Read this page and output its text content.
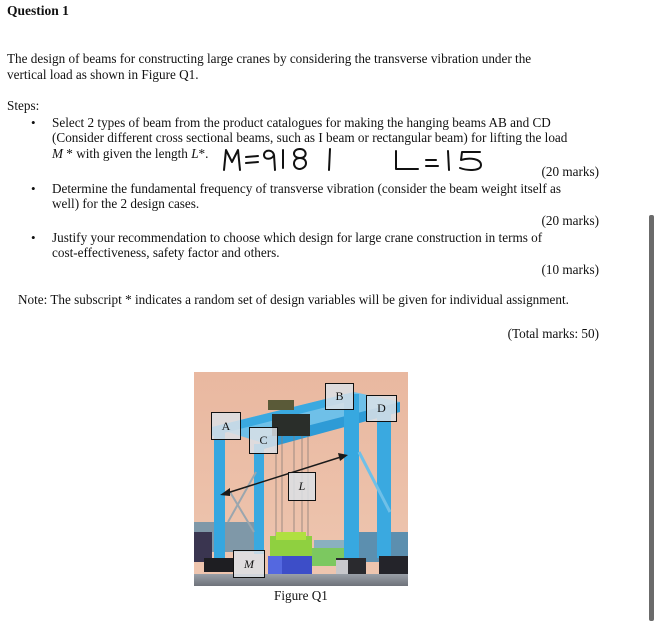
Question 1
The design of beams for constructing large cranes by considering the transverse vibration under the
vertical load as shown in Figure Q1.
Steps:
• Select 2 types of beam from the product catalogues for making the hanging beams AB and CD
(Consider different cross sectional beams, such as I beam or rectangular beam) for lifting the load
M * with given the length L*.
(20 marks)
• Determine the fundamental frequency of transverse vibration (consider the beam weight itself as
well) for the 2 design cases.
(20 marks)
• Justify your recommendation to choose which design for large crane construction in terms of
cost-effectiveness, safety factor and others.
(10 marks)
Note: The subscript * indicates a random set of design variables will be given for individual assignment.
(Total marks: 50)
A
B
C
D
L
M
Figure Q1
